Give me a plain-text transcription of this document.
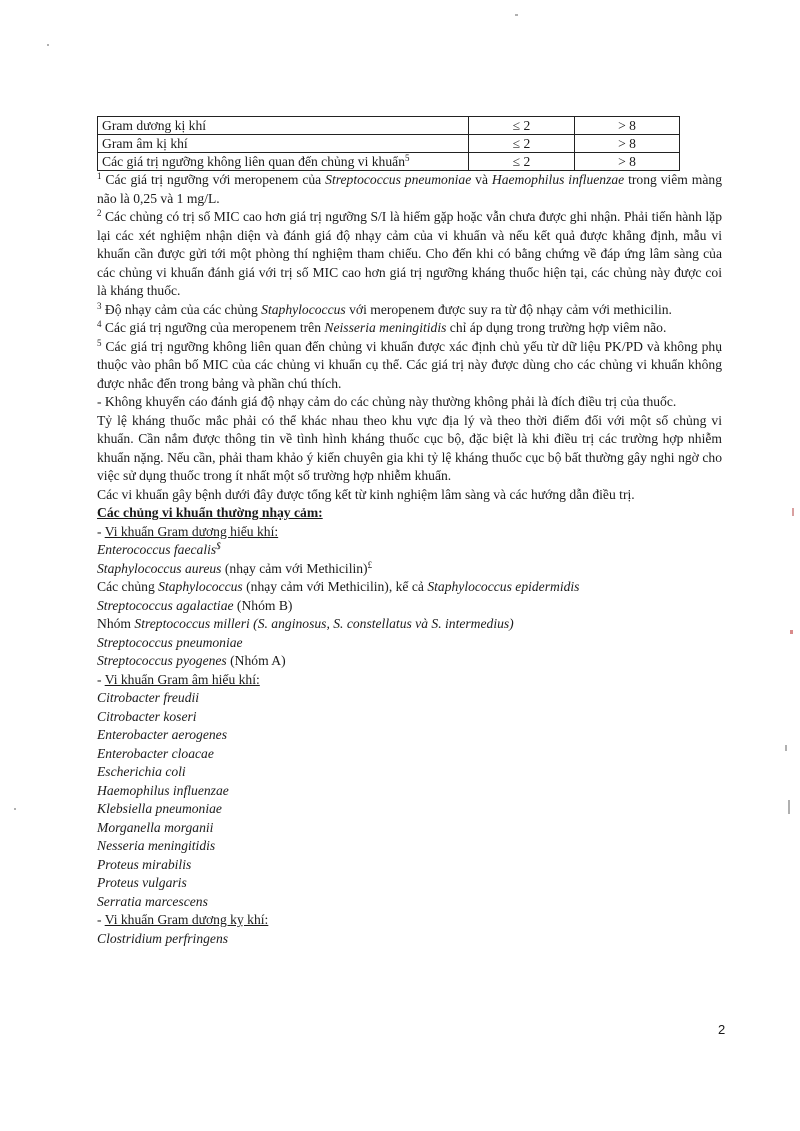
Gram dương kị khí	≤ 2	> 8
Gram âm kị khí	≤ 2	> 8
Các giá trị ngưỡng không liên quan đến chủng vi khuẩn$^5$	≤ 2	> 8

$^1$ Các giá trị ngưỡng với meropenem của Streptococcus pneumoniae và Haemophilus influenzae trong viêm màng não là 0,25 và 1 mg/L.

$^2$ Các chủng có trị số MIC cao hơn giá trị ngưỡng S/I là hiếm gặp hoặc vẫn chưa được ghi nhận. Phải tiến hành lặp lại các xét nghiệm nhận diện và đánh giá độ nhạy cảm của vi khuẩn và nếu kết quả được khẳng định, mẫu vi khuẩn cần được gửi tới một phòng thí nghiệm tham chiếu. Cho đến khi có bằng chứng về đáp ứng lâm sàng của các chủng vi khuẩn đánh giá với trị số MIC cao hơn giá trị ngưỡng kháng thuốc hiện tại, các chủng này được coi là kháng thuốc.

$^3$ Độ nhạy cảm của các chủng Staphylococcus với meropenem được suy ra từ độ nhạy cảm với methicilin.

$^4$ Các giá trị ngưỡng của meropenem trên Neisseria meningitidis chỉ áp dụng trong trường hợp viêm não.

$^5$ Các giá trị ngưỡng không liên quan đến chủng vi khuẩn được xác định chủ yếu từ dữ liệu PK/PD và không phụ thuộc vào phân bố MIC của các chủng vi khuẩn cụ thể. Các giá trị này được dùng cho các chủng vi khuẩn không được nhắc đến trong bảng và phần chú thích.

- Không khuyến cáo đánh giá độ nhạy cảm do các chủng này thường không phải là đích điều trị của thuốc.

Tỷ lệ kháng thuốc mắc phải có thể khác nhau theo khu vực địa lý và theo thời điểm đối với một số chủng vi khuẩn. Cần nắm được thông tin về tình hình kháng thuốc cục bộ, đặc biệt là khi điều trị các trường hợp nhiễm khuẩn nặng. Nếu cần, phải tham khảo ý kiến chuyên gia khi tỷ lệ kháng thuốc cục bộ bất thường gây nghi ngờ cho việc sử dụng thuốc trong ít nhất một số trường hợp nhiễm khuẩn.

Các vi khuẩn gây bệnh dưới đây được tổng kết từ kinh nghiệm lâm sàng và các hướng dẫn điều trị.

Các chủng vi khuẩn thường nhạy cảm:

- Vi khuẩn Gram dương hiếu khí:

Enterococcus faecalis$

Staphylococcus aureus (nhạy cảm với Methicilin)£

Các chủng Staphylococcus (nhạy cảm với Methicilin), kể cả Staphylococcus epidermidis

Streptococcus agalactiae (Nhóm B)

Nhóm Streptococcus milleri (S. anginosus, S. constellatus và S. intermedius)

Streptococcus pneumoniae

Streptococcus pyogenes (Nhóm A)

- Vi khuẩn Gram âm hiếu khí:

Citrobacter freudii

Citrobacter koseri

Enterobacter aerogenes

Enterobacter cloacae

Escherichia coli

Haemophilus influenzae

Klebsiella pneumoniae

Morganella morganii

Nesseria meningitidis

Proteus mirabilis

Proteus vulgaris

Serratia marcescens

- Vi khuẩn Gram dương kỵ khí:

Clostridium perfringens

2
